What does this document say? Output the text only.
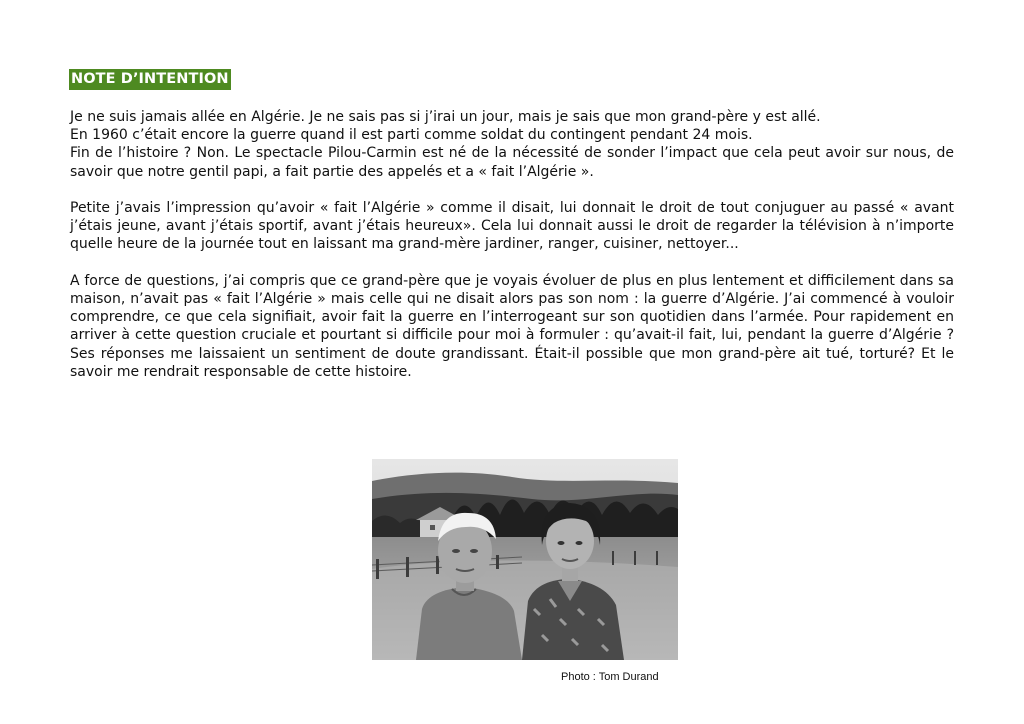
NOTE D’INTENTION

Je ne suis jamais allée en Algérie. Je ne sais pas si j’irai un jour, mais je sais que mon grand-père y est allé.

En 1960 c’était encore la guerre quand il est parti comme soldat du contingent pendant 24 mois.

Fin de l’histoire ? Non. Le spectacle Pilou-Carmin est né de la nécessité de sonder l’impact que cela peut avoir sur nous, de savoir que notre gentil papi, a fait partie des appelés et a « fait l’Algérie ».

Petite j’avais l’impression qu’avoir « fait l’Algérie » comme il disait, lui donnait le droit de tout conjuguer au passé « avant j’étais jeune, avant j’étais sportif, avant j’étais heureux». Cela lui donnait aussi le droit de regarder la télévision à n’importe quelle heure de la journée tout en laissant ma grand-mère jardiner, ranger, cuisiner, nettoyer...

A force de questions, j’ai compris que ce grand-père que je voyais évoluer de plus en plus lentement et difficilement dans sa maison, n’avait pas « fait l’Algérie » mais celle qui ne disait alors pas son nom : la guerre d’Algérie. J’ai commencé à vouloir comprendre, ce que cela signifiait, avoir fait la guerre en l’interrogeant sur son quotidien dans l’armée. Pour rapidement en arriver à cette question cruciale et pourtant si difficile pour moi à formuler : qu’avait-il fait, lui, pendant la guerre d’Algérie ? Ses réponses me laissaient un sentiment de doute grandissant. Était-il possible que mon grand-père ait tué, torturé? Et le savoir me rendrait responsable de cette histoire.

Photo : Tom Durand
